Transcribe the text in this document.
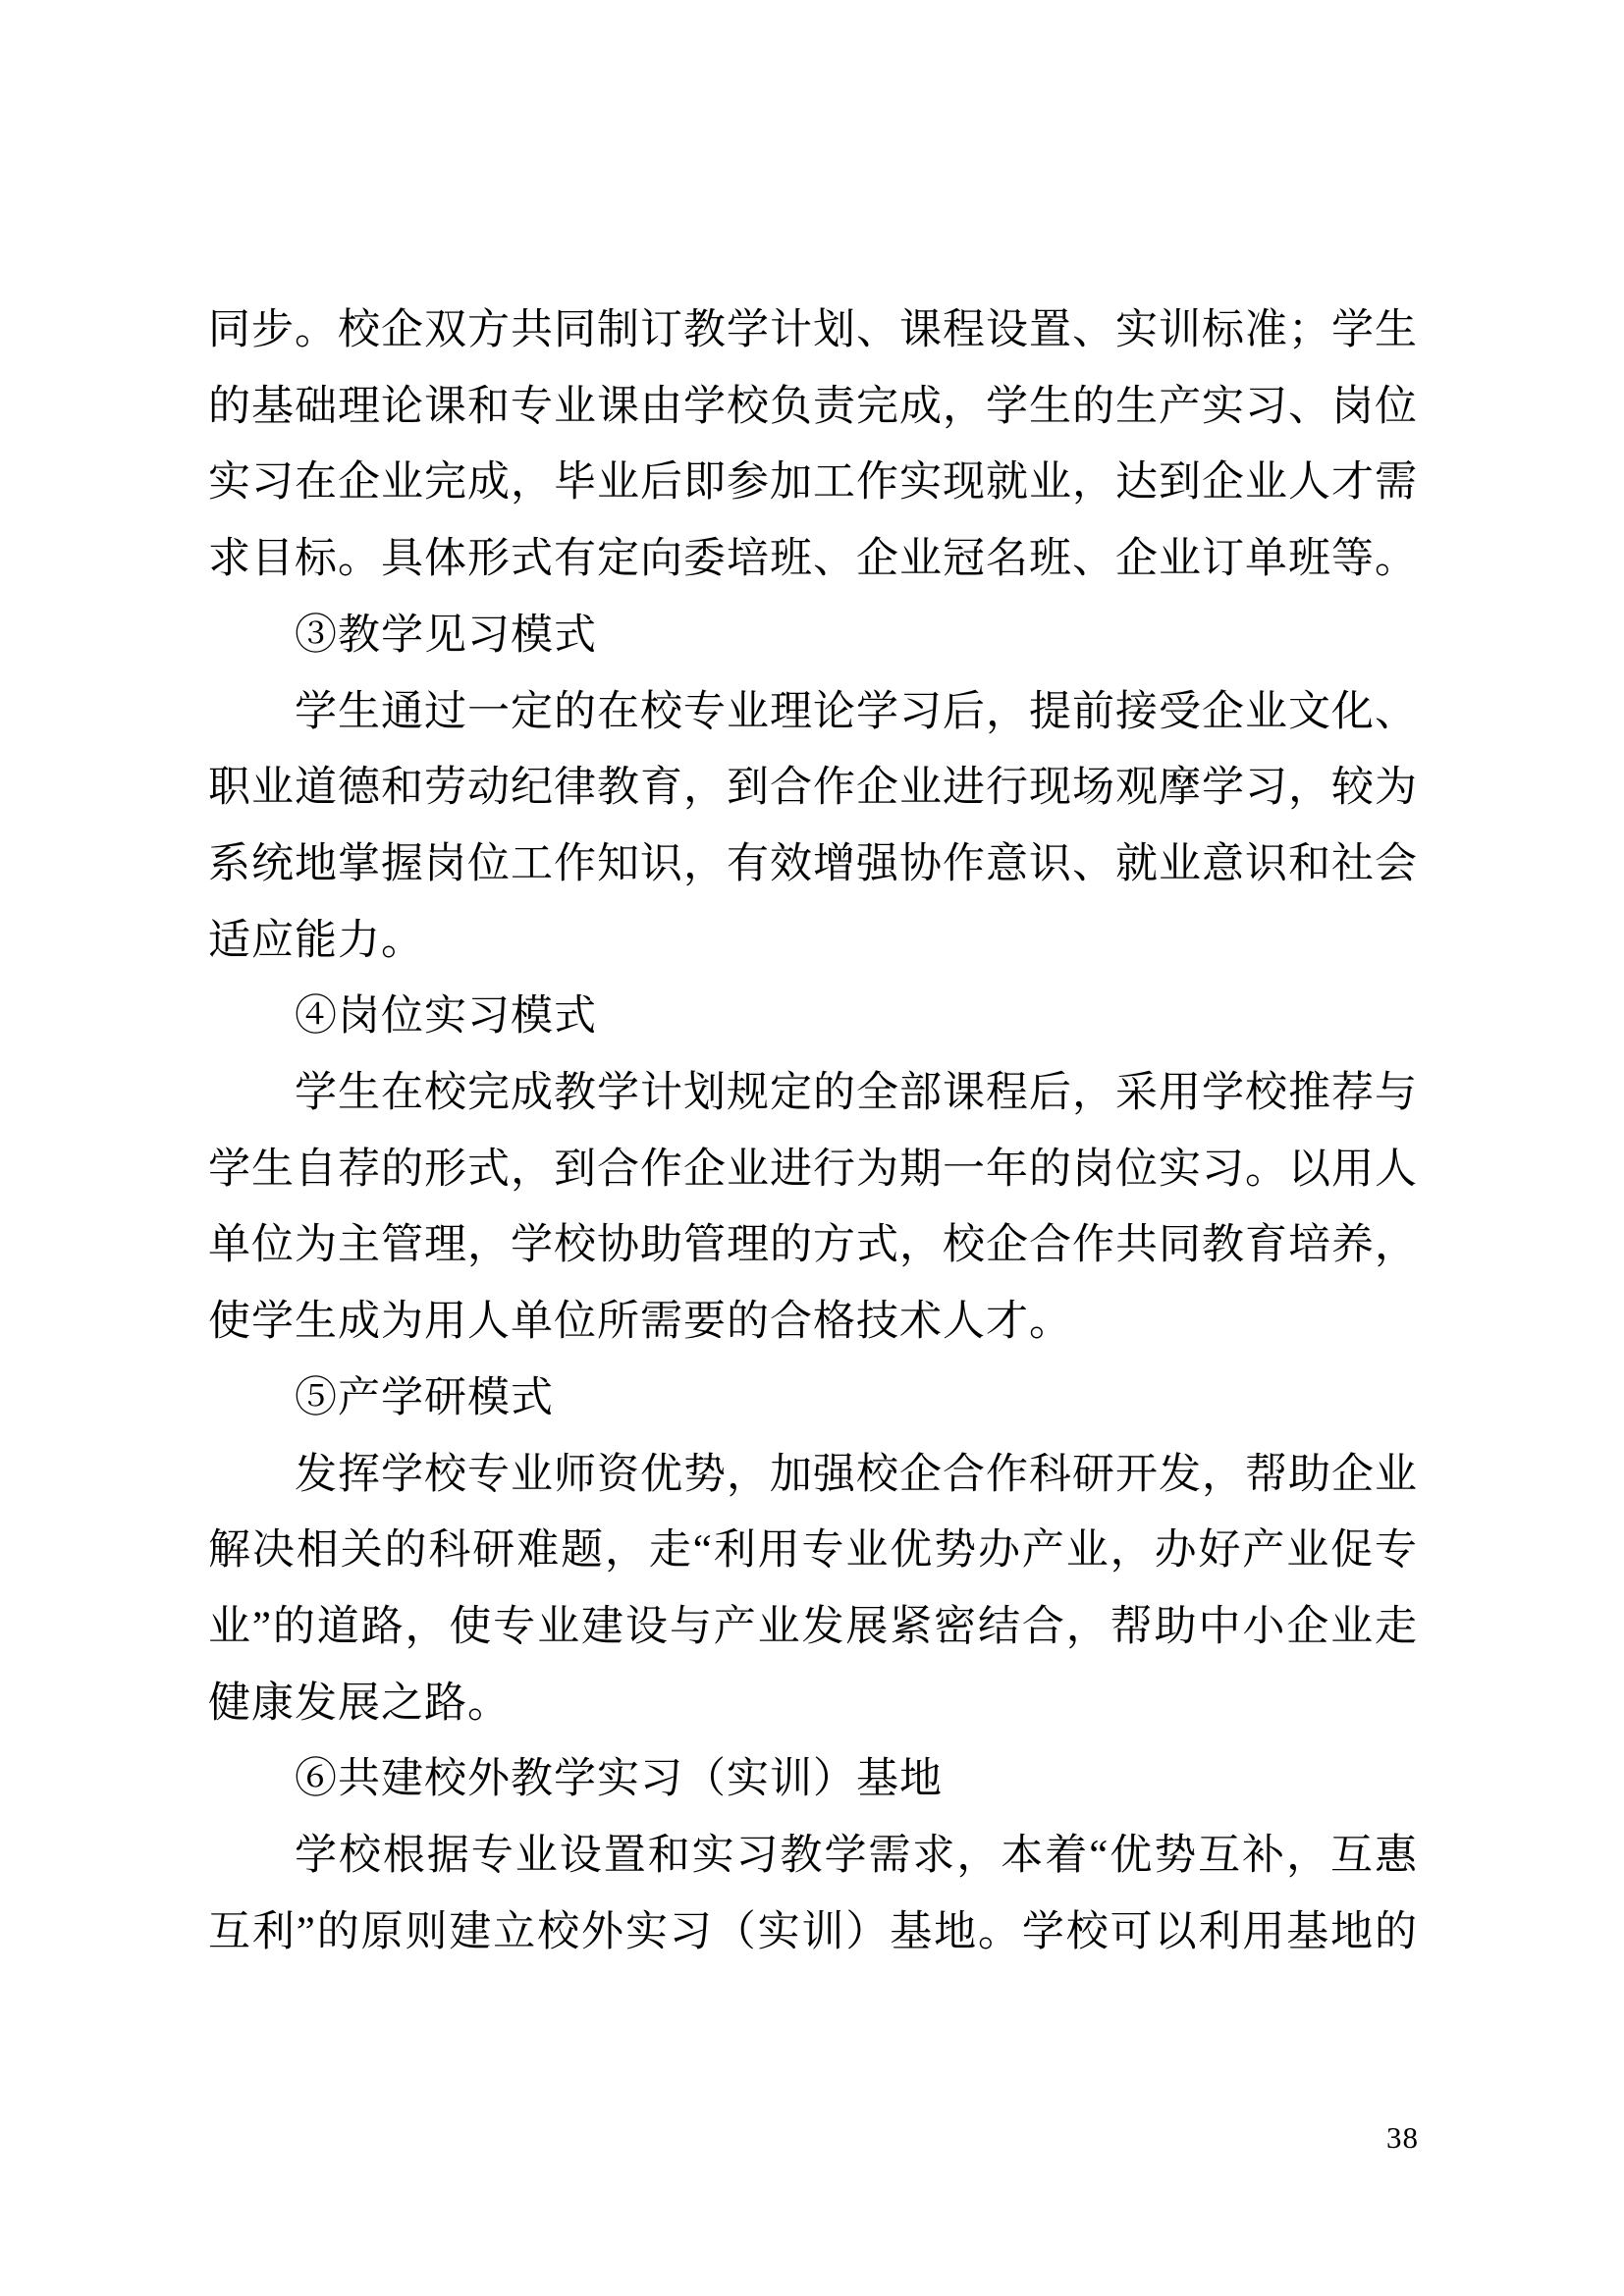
同步。校企双方共同制订教学计划、课程设置、实训标准；学生
的基础理论课和专业课由学校负责完成，学生的生产实习、岗位
实习在企业完成，毕业后即参加工作实现就业，达到企业人才需
求目标。具体形式有定向委培班、企业冠名班、企业订单班等。
③教学见习模式
学生通过一定的在校专业理论学习后，提前接受企业文化、
职业道德和劳动纪律教育，到合作企业进行现场观摩学习，较为
系统地掌握岗位工作知识，有效增强协作意识、就业意识和社会
适应能力。
④岗位实习模式
学生在校完成教学计划规定的全部课程后，采用学校推荐与
学生自荐的形式，到合作企业进行为期一年的岗位实习。以用人
单位为主管理，学校协助管理的方式，校企合作共同教育培养，
使学生成为用人单位所需要的合格技术人才。
⑤产学研模式
发挥学校专业师资优势，加强校企合作科研开发，帮助企业
解决相关的科研难题，走“利用专业优势办产业，办好产业促专
业”的道路，使专业建设与产业发展紧密结合，帮助中小企业走
健康发展之路。
⑥共建校外教学实习（实训）基地
学校根据专业设置和实习教学需求，本着“优势互补，互惠
互利”的原则建立校外实习（实训）基地。学校可以利用基地的
38
